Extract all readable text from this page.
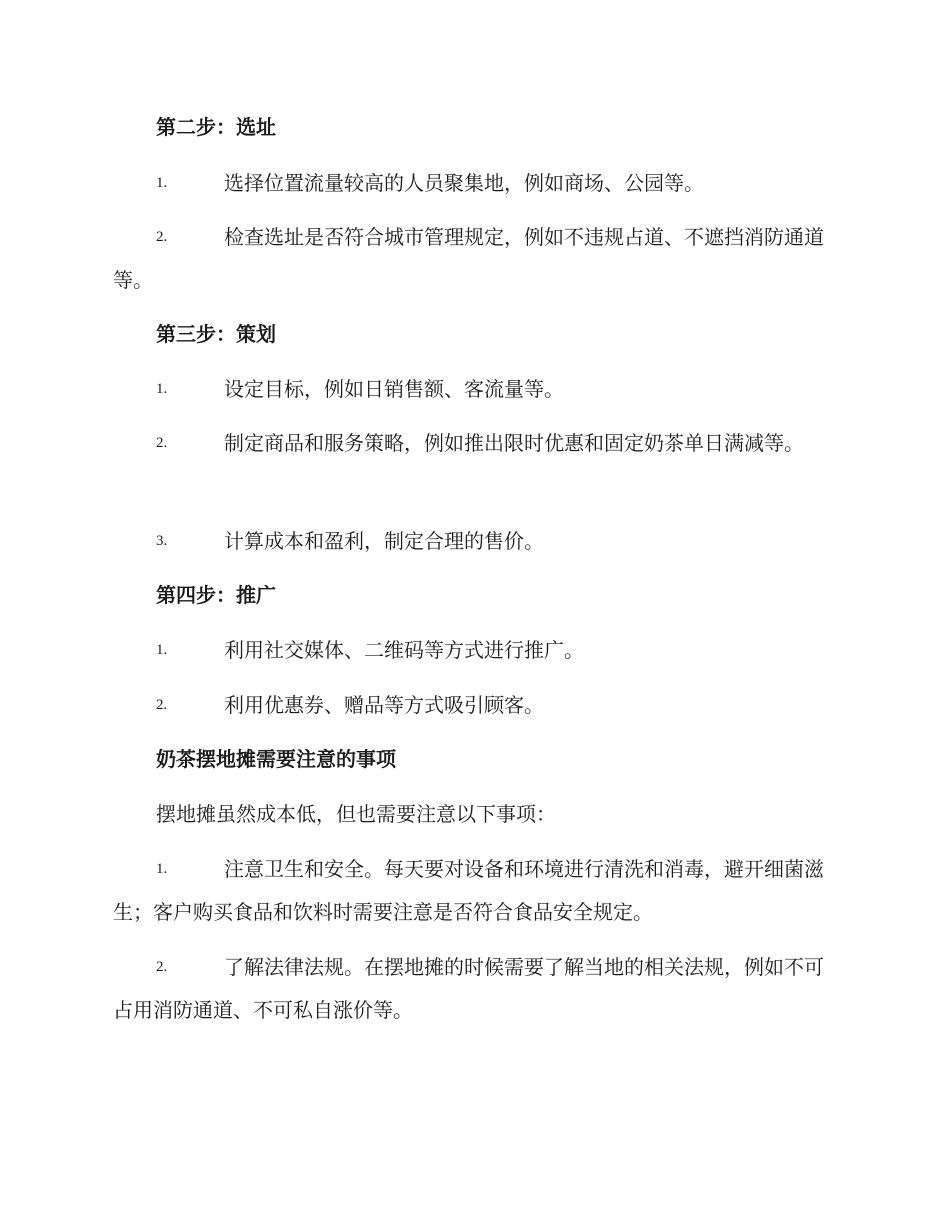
第二步：选址
1.	选择位置流量较高的人员聚集地，例如商场、公园等。
2.	检查选址是否符合城市管理规定，例如不违规占道、不遮挡消防通道等。
第三步：策划
1.	设定目标，例如日销售额、客流量等。
2.	制定商品和服务策略，例如推出限时优惠和固定奶茶单日满减等。
3.	计算成本和盈利，制定合理的售价。
第四步：推广
1.	利用社交媒体、二维码等方式进行推广。
2.	利用优惠券、赠品等方式吸引顾客。
奶茶摆地摊需要注意的事项
摆地摊虽然成本低，但也需要注意以下事项：
1.	注意卫生和安全。每天要对设备和环境进行清洗和消毒，避开细菌滋生；客户购买食品和饮料时需要注意是否符合食品安全规定。
2.	了解法律法规。在摆地摊的时候需要了解当地的相关法规，例如不可占用消防通道、不可私自涨价等。
